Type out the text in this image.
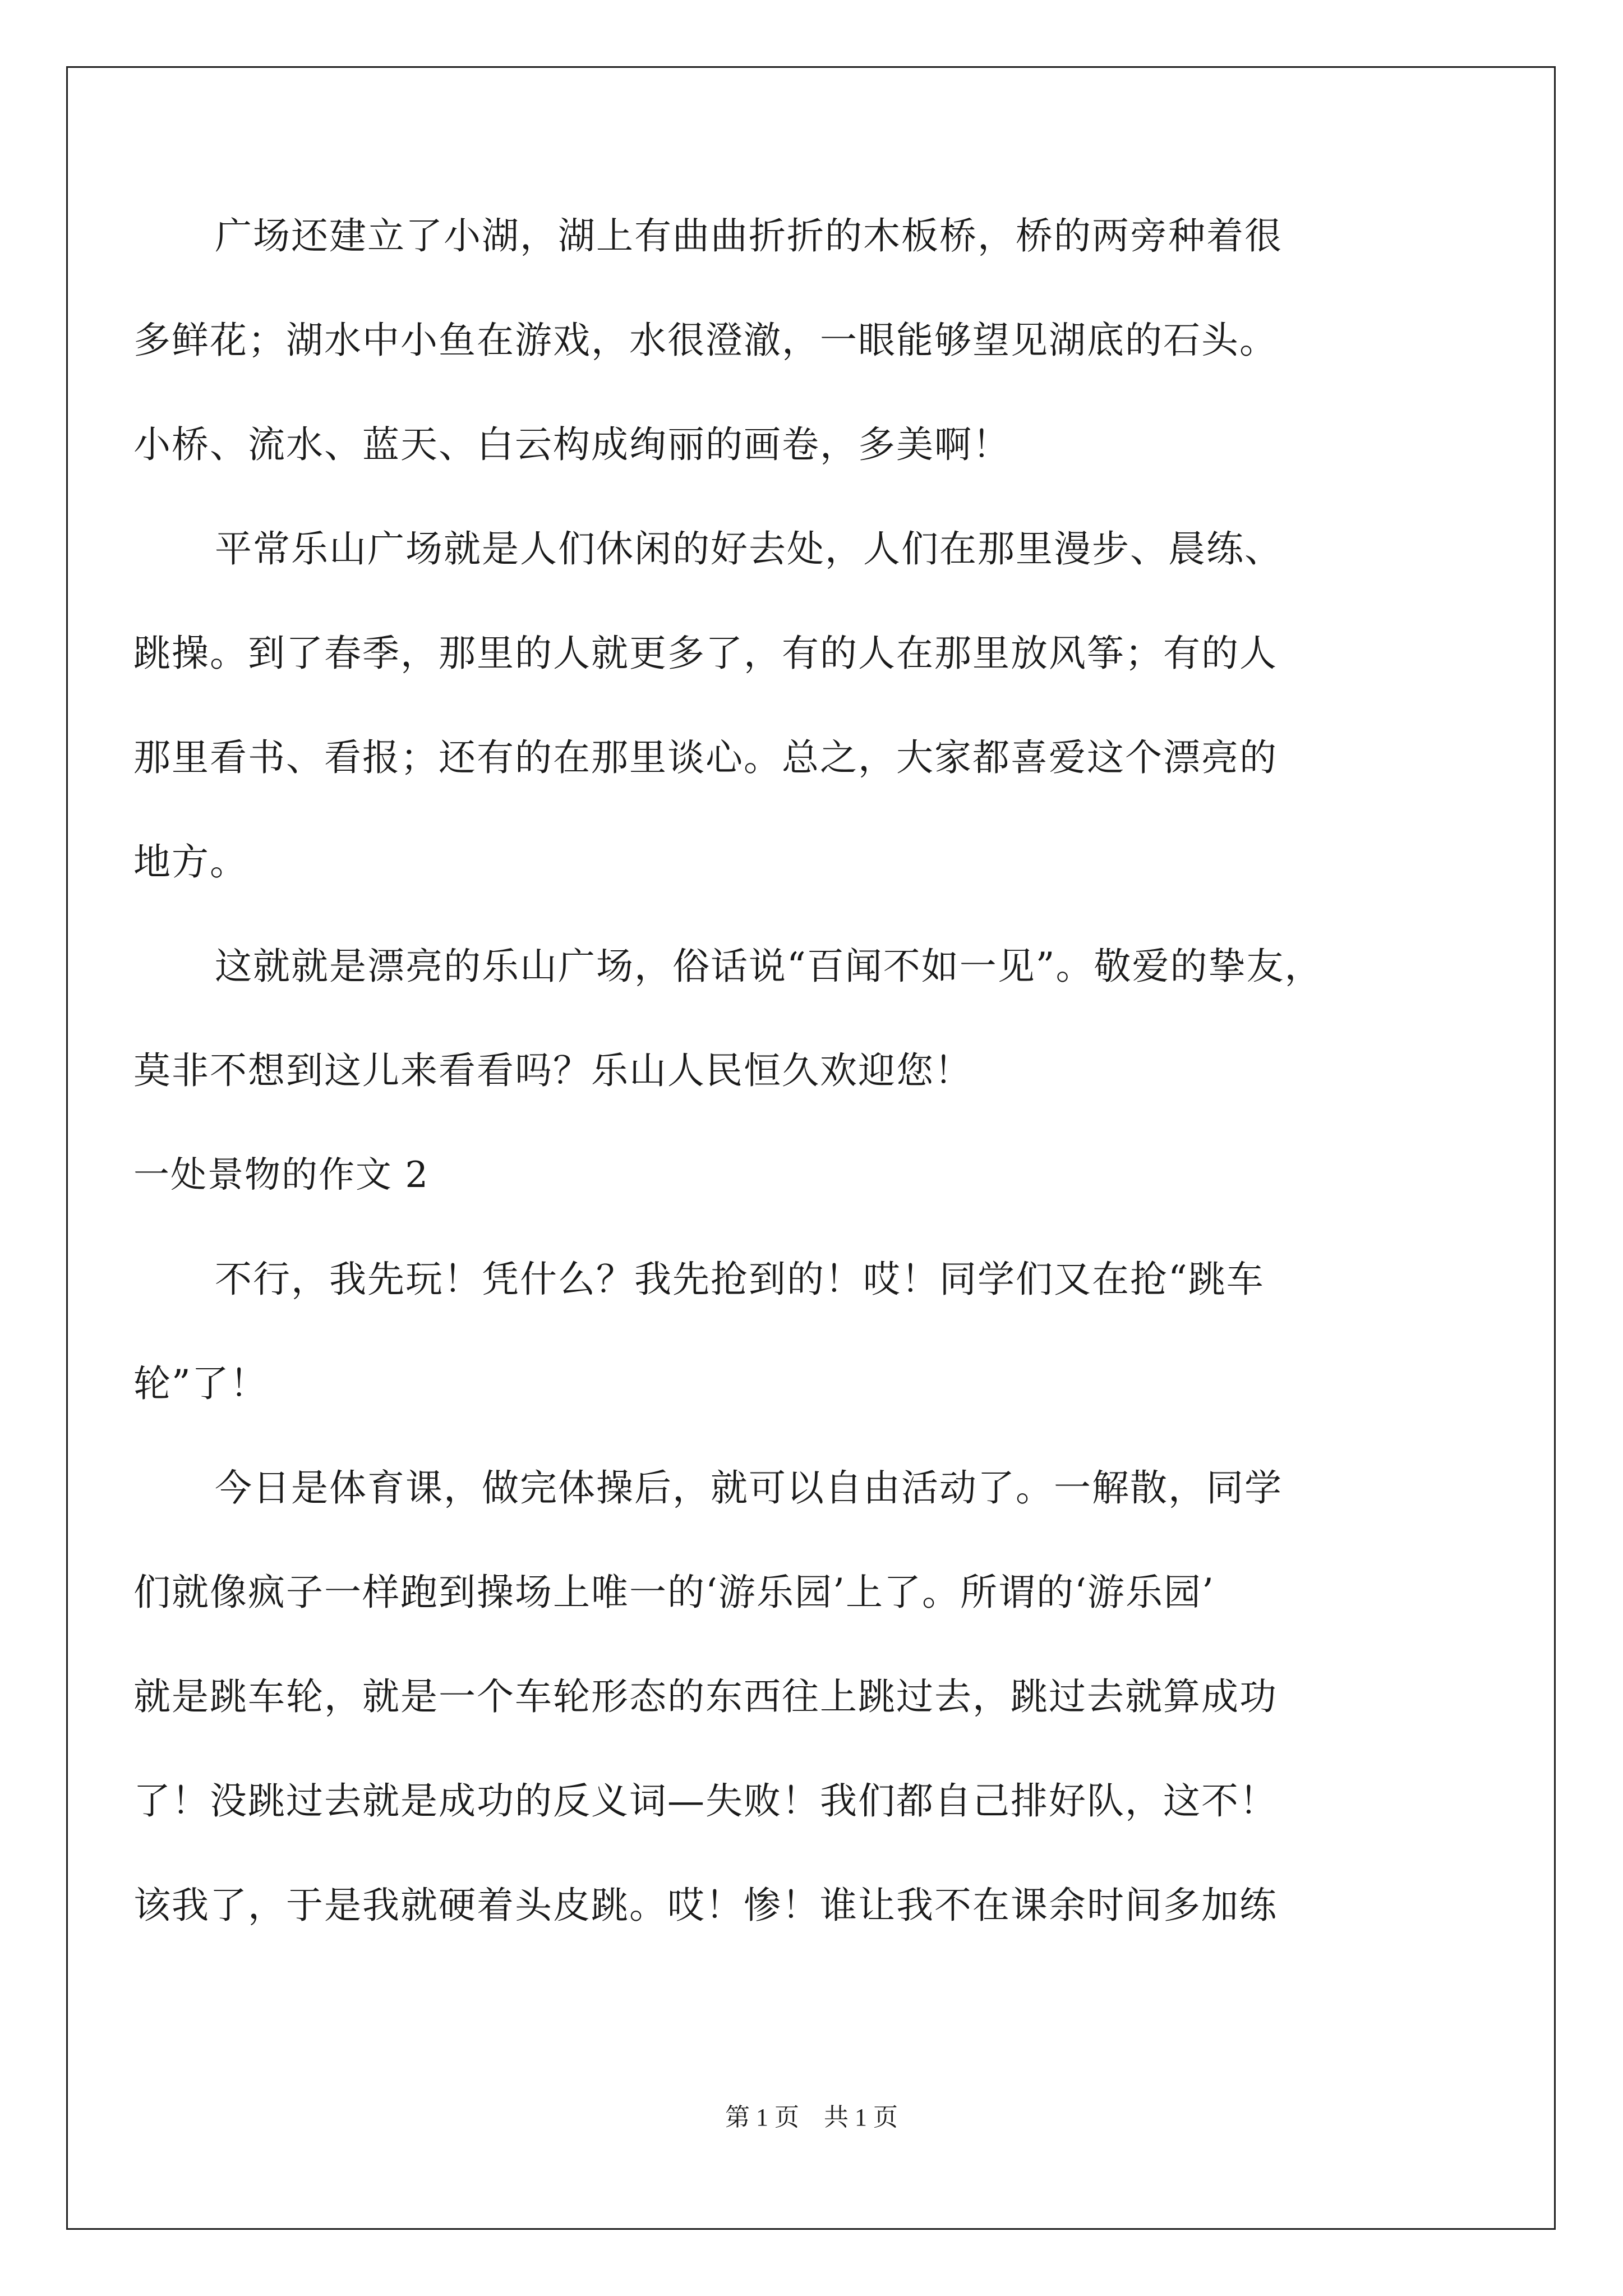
广场还建立了小湖，湖上有曲曲折折的木板桥，桥的两旁种着很
多鲜花；湖水中小鱼在游戏，水很澄澈，一眼能够望见湖底的石头。
小桥、流水、蓝天、白云构成绚丽的画卷，多美啊！
平常乐山广场就是人们休闲的好去处，人们在那里漫步、晨练、
跳操。到了春季，那里的人就更多了，有的人在那里放风筝；有的人
那里看书、看报；还有的在那里谈心。总之，大家都喜爱这个漂亮的
地方。
这就就是漂亮的乐山广场，俗话说“百闻不如一见”。敬爱的挚友，
莫非不想到这儿来看看吗？乐山人民恒久欢迎您！
一处景物的作文 2
不行，我先玩！凭什么？我先抢到的！哎！同学们又在抢“跳车
轮”了！
今日是体育课，做完体操后，就可以自由活动了。一解散，同学
们就像疯子一样跑到操场上唯一的‘游乐园’上了。所谓的‘游乐园’
就是跳车轮，就是一个车轮形态的东西往上跳过去，跳过去就算成功
了！没跳过去就是成功的反义词—失败！我们都自己排好队，这不！
该我了，于是我就硬着头皮跳。哎！惨！谁让我不在课余时间多加练
第 1 页　共 1 页
